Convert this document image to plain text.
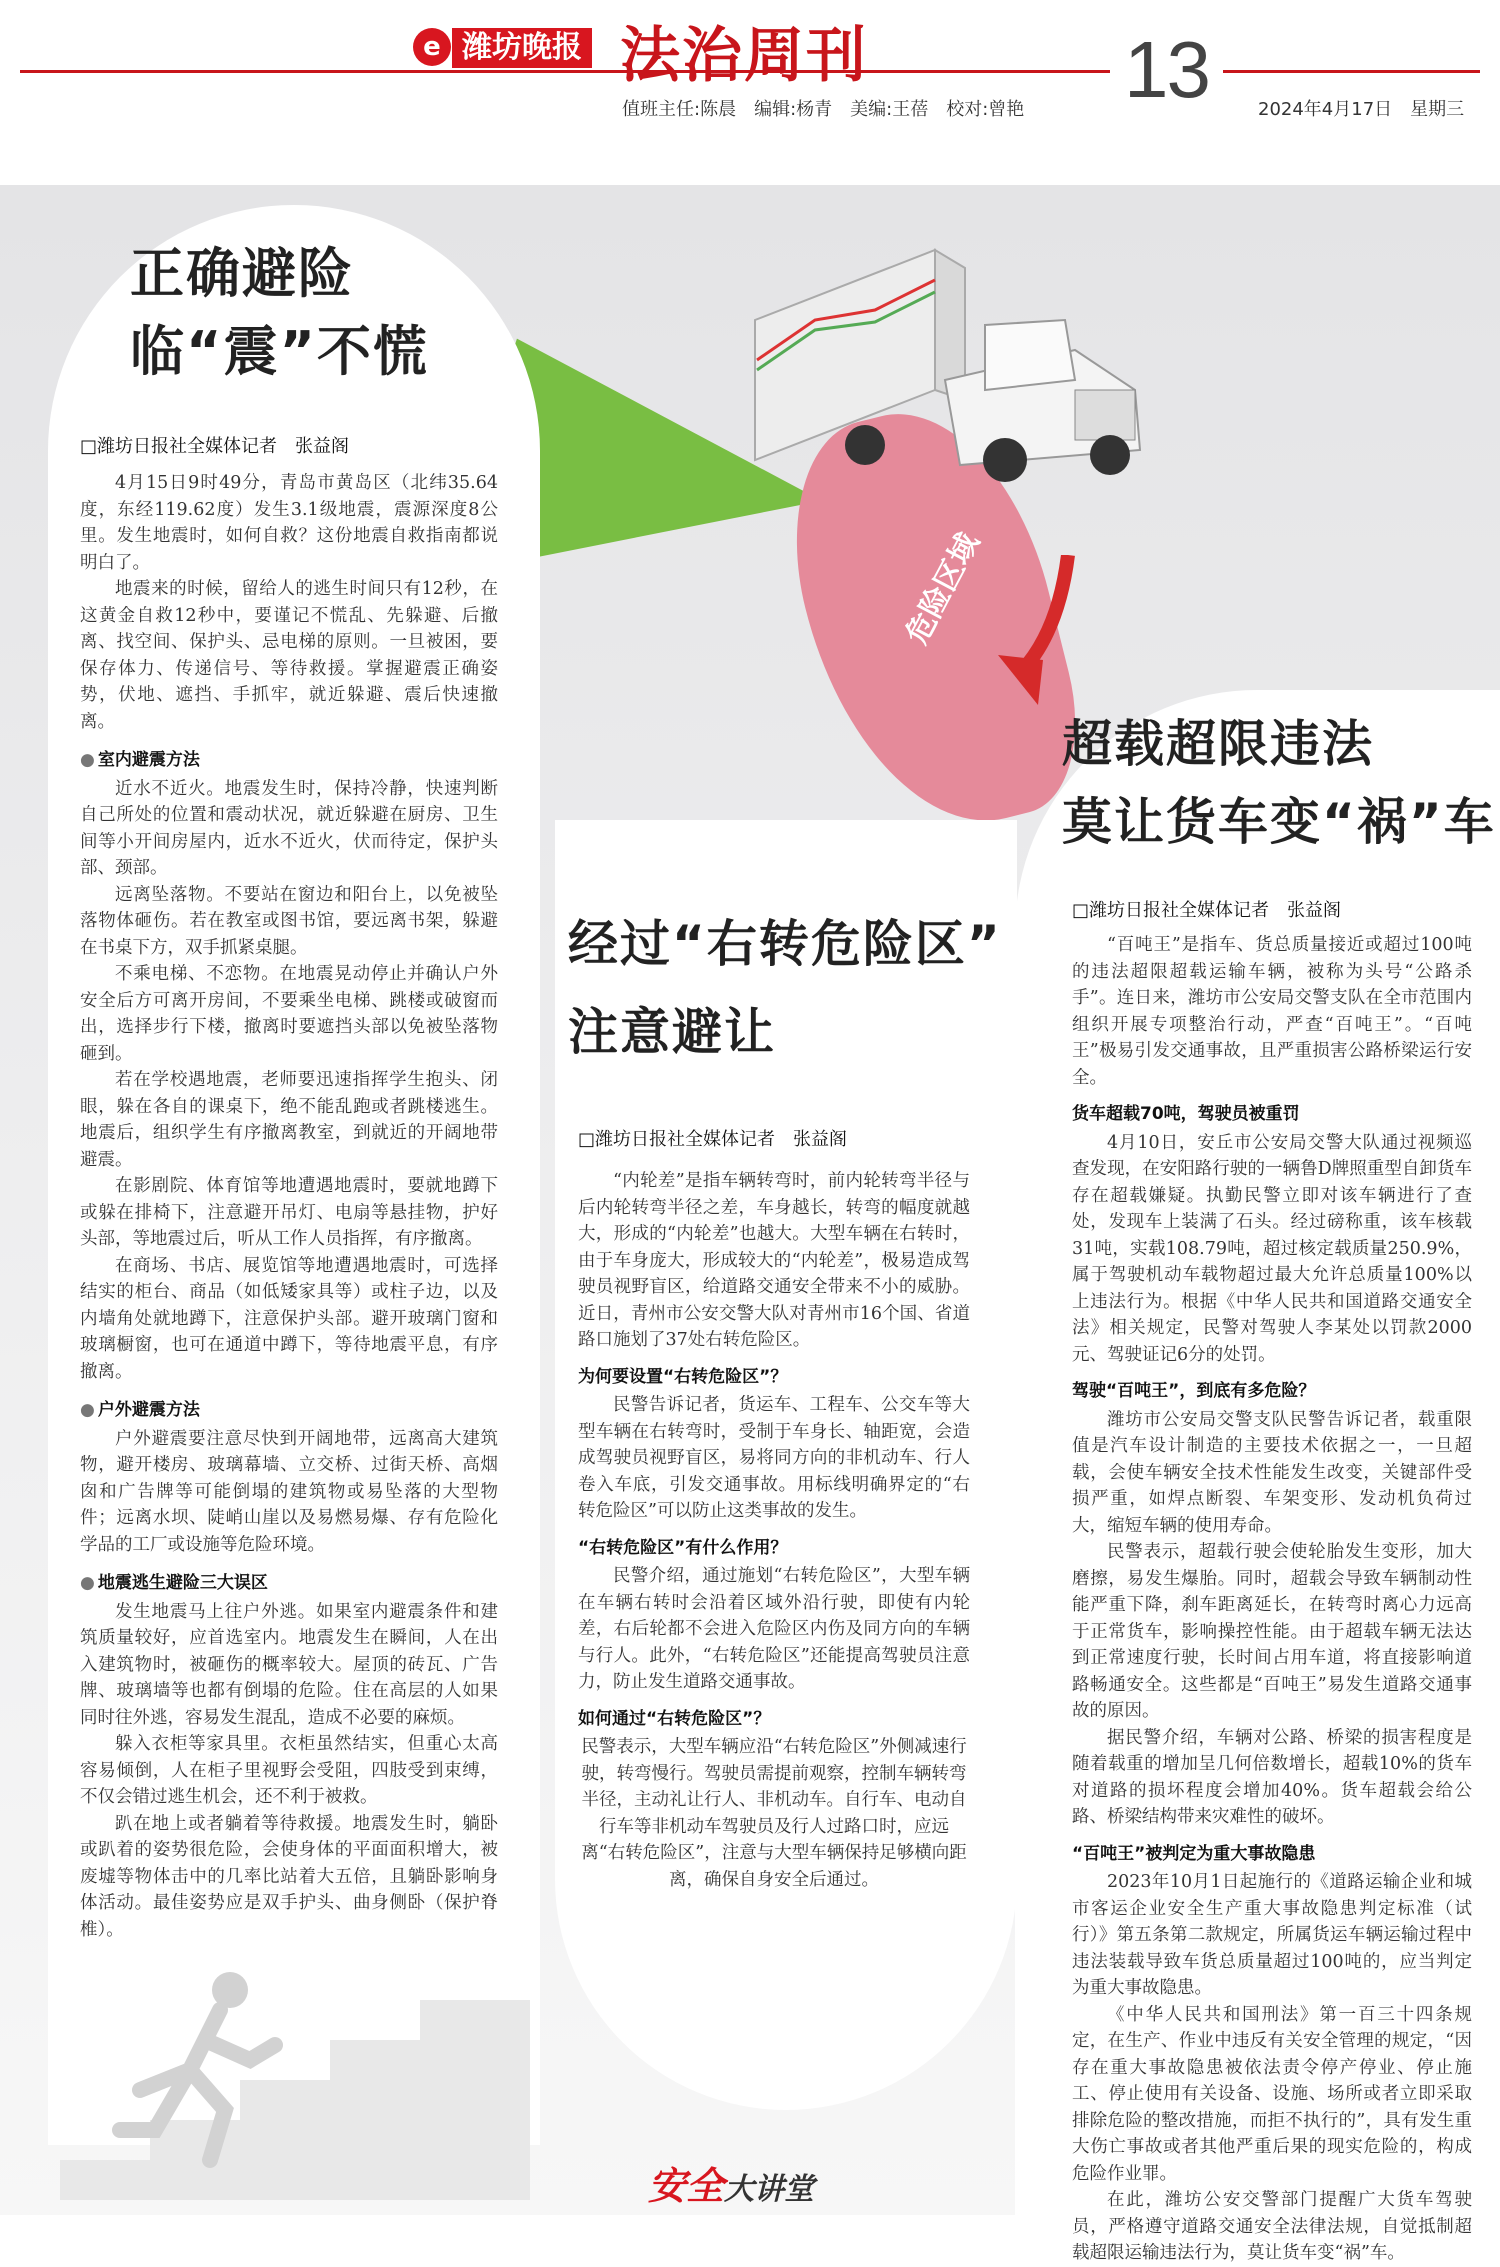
e 潍坊晚报 法治周刊	13
值班主任:陈晨　编辑:杨青　美编:王蓓　校对:曾艳	2024年4月17日　星期三
危险区域
正确避险
临“震”不慌
□潍坊日报社全媒体记者　张益阁

4月15日9时49分，青岛市黄岛区（北纬35.64度，东经119.62度）发生3.1级地震，震源深度8公里。发生地震时，如何自救？这份地震自救指南都说明白了。

地震来的时候，留给人的逃生时间只有12秒，在这黄金自救12秒中，要谨记不慌乱、先躲避、后撤离、找空间、保护头、忌电梯的原则。一旦被困，要保存体力、传递信号、等待救援。掌握避震正确姿势，伏地、遮挡、手抓牢，就近躲避、震后快速撤离。

● 室内避震方法

近水不近火。地震发生时，保持冷静，快速判断自己所处的位置和震动状况，就近躲避在厨房、卫生间等小开间房屋内，近水不近火，伏而待定，保护头部、颈部。

远离坠落物。不要站在窗边和阳台上，以免被坠落物体砸伤。若在教室或图书馆，要远离书架，躲避在书桌下方，双手抓紧桌腿。

不乘电梯、不恋物。在地震晃动停止并确认户外安全后方可离开房间，不要乘坐电梯、跳楼或破窗而出，选择步行下楼，撤离时要遮挡头部以免被坠落物砸到。

若在学校遇地震，老师要迅速指挥学生抱头、闭眼，躲在各自的课桌下，绝不能乱跑或者跳楼逃生。地震后，组织学生有序撤离教室，到就近的开阔地带避震。

在影剧院、体育馆等地遭遇地震时，要就地蹲下或躲在排椅下，注意避开吊灯、电扇等悬挂物，护好头部，等地震过后，听从工作人员指挥，有序撤离。

在商场、书店、展览馆等地遭遇地震时，可选择结实的柜台、商品（如低矮家具等）或柱子边，以及内墙角处就地蹲下，注意保护头部。避开玻璃门窗和玻璃橱窗，也可在通道中蹲下，等待地震平息，有序撤离。

● 户外避震方法

户外避震要注意尽快到开阔地带，远离高大建筑物，避开楼房、玻璃幕墙、立交桥、过街天桥、高烟囱和广告牌等可能倒塌的建筑物或易坠落的大型物件；远离水坝、陡峭山崖以及易燃易爆、存有危险化学品的工厂或设施等危险环境。

● 地震逃生避险三大误区

发生地震马上往户外逃。如果室内避震条件和建筑质量较好，应首选室内。地震发生在瞬间，人在出入建筑物时，被砸伤的概率较大。屋顶的砖瓦、广告牌、玻璃墙等也都有倒塌的危险。住在高层的人如果同时往外逃，容易发生混乱，造成不必要的麻烦。

躲入衣柜等家具里。衣柜虽然结实，但重心太高容易倾倒，人在柜子里视野会受阻，四肢受到束缚，不仅会错过逃生机会，还不利于被救。

趴在地上或者躺着等待救援。地震发生时，躺卧或趴着的姿势很危险，会使身体的平面面积增大，被废墟等物体击中的几率比站着大五倍，且躺卧影响身体活动。最佳姿势应是双手护头、曲身侧卧（保护脊椎）。

经过“右转危险区”
注意避让
□潍坊日报社全媒体记者　张益阁

“内轮差”是指车辆转弯时，前内轮转弯半径与后内轮转弯半径之差，车身越长，转弯的幅度就越大，形成的“内轮差”也越大。大型车辆在右转时，由于车身庞大，形成较大的“内轮差”，极易造成驾驶员视野盲区，给道路交通安全带来不小的威胁。近日，青州市公安交警大队对青州市16个国、省道路口施划了37处右转危险区。

为何要设置“右转危险区”？

民警告诉记者，货运车、工程车、公交车等大型车辆在右转弯时，受制于车身长、轴距宽，会造成驾驶员视野盲区，易将同方向的非机动车、行人卷入车底，引发交通事故。用标线明确界定的“右转危险区”可以防止这类事故的发生。

“右转危险区”有什么作用？

民警介绍，通过施划“右转危险区”，大型车辆在车辆右转时会沿着区域外沿行驶，即使有内轮差，右后轮都不会进入危险区内伤及同方向的车辆与行人。此外，“右转危险区”还能提高驾驶员注意力，防止发生道路交通事故。

如何通过“右转危险区”？

民警表示，大型车辆应沿“右转危险区”外侧减速行驶，转弯慢行。驾驶员需提前观察，控制车辆转弯半径，主动礼让行人、非机动车。自行车、电动自行车等非机动车驾驶员及行人过路口时，应远离“右转危险区”，注意与大型车辆保持足够横向距离，确保自身安全后通过。

超载超限违法
莫让货车变“祸”车
□潍坊日报社全媒体记者　张益阁

“百吨王”是指车、货总质量接近或超过100吨的违法超限超载运输车辆，被称为头号“公路杀手”。连日来，潍坊市公安局交警支队在全市范围内组织开展专项整治行动，严查“百吨王”。“百吨王”极易引发交通事故，且严重损害公路桥梁运行安全。

货车超载70吨，驾驶员被重罚

4月10日，安丘市公安局交警大队通过视频巡查发现，在安阳路行驶的一辆鲁D牌照重型自卸货车存在超载嫌疑。执勤民警立即对该车辆进行了查处，发现车上装满了石头。经过磅称重，该车核载31吨，实载108.79吨，超过核定载质量250.9%，属于驾驶机动车载物超过最大允许总质量100%以上违法行为。根据《中华人民共和国道路交通安全法》相关规定，民警对驾驶人李某处以罚款2000元、驾驶证记6分的处罚。

驾驶“百吨王”，到底有多危险？

潍坊市公安局交警支队民警告诉记者，载重限值是汽车设计制造的主要技术依据之一，一旦超载，会使车辆安全技术性能发生改变，关键部件受损严重，如焊点断裂、车架变形、发动机负荷过大，缩短车辆的使用寿命。

民警表示，超载行驶会使轮胎发生变形，加大磨擦，易发生爆胎。同时，超载会导致车辆制动性能严重下降，刹车距离延长，在转弯时离心力远高于正常货车，影响操控性能。由于超载车辆无法达到正常速度行驶，长时间占用车道，将直接影响道路畅通安全。这些都是“百吨王”易发生道路交通事故的原因。

据民警介绍，车辆对公路、桥梁的损害程度是随着载重的增加呈几何倍数增长，超载10%的货车对道路的损坏程度会增加40%。货车超载会给公路、桥梁结构带来灾难性的破坏。

“百吨王”被判定为重大事故隐患

2023年10月1日起施行的《道路运输企业和城市客运企业安全生产重大事故隐患判定标准（试行）》第五条第二款规定，所属货运车辆运输过程中违法装载导致车货总质量超过100吨的，应当判定为重大事故隐患。

《中华人民共和国刑法》第一百三十四条规定，在生产、作业中违反有关安全管理的规定，“因存在重大事故隐患被依法责令停产停业、停止施工、停止使用有关设备、设施、场所或者立即采取排除危险的整改措施，而拒不执行的”，具有发生重大伤亡事故或者其他严重后果的现实危险的，构成危险作业罪。

在此，潍坊公安交警部门提醒广大货车驾驶员，严格遵守道路交通安全法律法规，自觉抵制超载超限运输违法行为，莫让货车变“祸”车。

安全大讲堂
